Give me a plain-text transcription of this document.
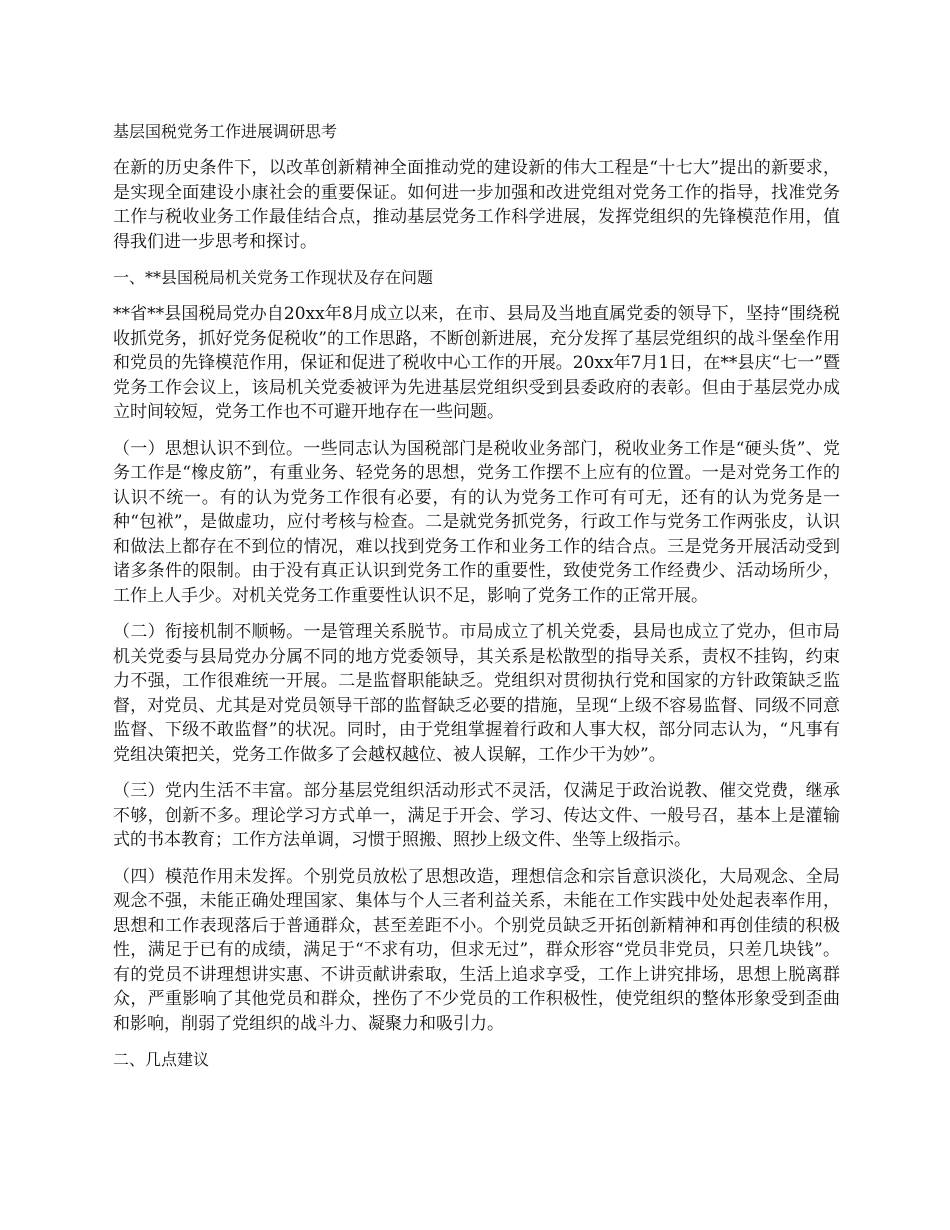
基层国税党务工作进展调研思考

在新的历史条件下，以改革创新精神全面推动党的建设新的伟大工程是“十七大”提出的新要求，是实现全面建设小康社会的重要保证。如何进一步加强和改进党组对党务工作的指导，找准党务工作与税收业务工作最佳结合点，推动基层党务工作科学进展，发挥党组织的先锋模范作用，值得我们进一步思考和探讨。

一、**县国税局机关党务工作现状及存在问题

**省**县国税局党办自20xx年8月成立以来，在市、县局及当地直属党委的领导下，坚持“围绕税收抓党务，抓好党务促税收”的工作思路，不断创新进展，充分发挥了基层党组织的战斗堡垒作用和党员的先锋模范作用，保证和促进了税收中心工作的开展。20xx年7月1日，在**县庆“七一”暨党务工作会议上，该局机关党委被评为先进基层党组织受到县委政府的表彰。但由于基层党办成立时间较短，党务工作也不可避开地存在一些问题。

（一）思想认识不到位。一些同志认为国税部门是税收业务部门，税收业务工作是“硬头货”、党务工作是“橡皮筋”，有重业务、轻党务的思想，党务工作摆不上应有的位置。一是对党务工作的认识不统一。有的认为党务工作很有必要，有的认为党务工作可有可无，还有的认为党务是一种“包袱”，是做虚功，应付考核与检查。二是就党务抓党务，行政工作与党务工作两张皮，认识和做法上都存在不到位的情况，难以找到党务工作和业务工作的结合点。三是党务开展活动受到诸多条件的限制。由于没有真正认识到党务工作的重要性，致使党务工作经费少、活动场所少，工作上人手少。对机关党务工作重要性认识不足，影响了党务工作的正常开展。

（二）衔接机制不顺畅。一是管理关系脱节。市局成立了机关党委，县局也成立了党办，但市局机关党委与县局党办分属不同的地方党委领导，其关系是松散型的指导关系，责权不挂钩，约束力不强，工作很难统一开展。二是监督职能缺乏。党组织对贯彻执行党和国家的方针政策缺乏监督，对党员、尤其是对党员领导干部的监督缺乏必要的措施，呈现“上级不容易监督、同级不同意监督、下级不敢监督”的状况。同时，由于党组掌握着行政和人事大权，部分同志认为，“凡事有党组决策把关，党务工作做多了会越权越位、被人误解，工作少干为妙”。

（三）党内生活不丰富。部分基层党组织活动形式不灵活，仅满足于政治说教、催交党费，继承不够，创新不多。理论学习方式单一，满足于开会、学习、传达文件、一般号召，基本上是灌输式的书本教育；工作方法单调，习惯于照搬、照抄上级文件、坐等上级指示。

（四）模范作用未发挥。个别党员放松了思想改造，理想信念和宗旨意识淡化，大局观念、全局观念不强，未能正确处理国家、集体与个人三者利益关系，未能在工作实践中处处起表率作用，思想和工作表现落后于普通群众，甚至差距不小。个别党员缺乏开拓创新精神和再创佳绩的积极性，满足于已有的成绩，满足于“不求有功，但求无过”，群众形容“党员非党员，只差几块钱”。有的党员不讲理想讲实惠、不讲贡献讲索取，生活上追求享受，工作上讲究排场，思想上脱离群众，严重影响了其他党员和群众，挫伤了不少党员的工作积极性，使党组织的整体形象受到歪曲和影响，削弱了党组织的战斗力、凝聚力和吸引力。

二、几点建议
